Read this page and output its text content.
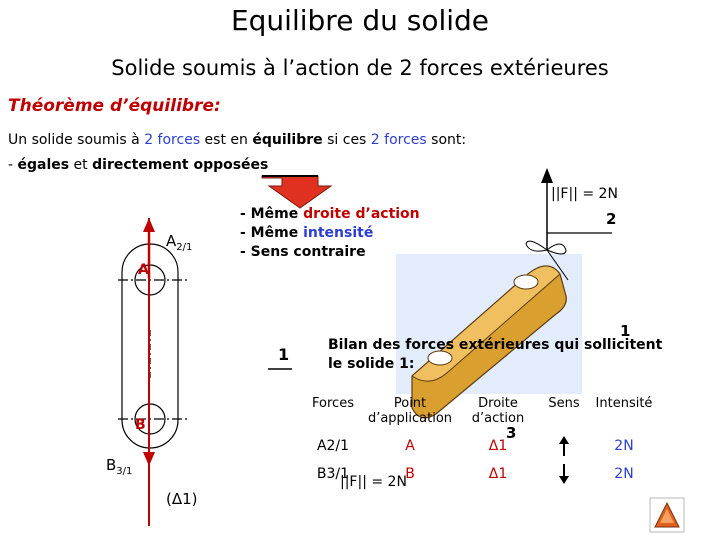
Equilibre du solide
Solide soumis à l’action de 2 forces extérieures
Théorème d’équilibre:
Un solide soumis à 2 forces est en équilibre si ces 2 forces sont:
- égales et directement opposées
$A_{2/1}$
A
1
B
$B_{3/1}$
(Δ1)
||F|| = 2N
2
1
- Même droite d’action
- Même intensité
- Sens contraire
Bilan des forces extérieures qui sollicitent le solide 1:
Forces	Point d’application	Droite d’action	Sens	Intensité
A2/1	A	Δ1		2N
B3/1	B	Δ1		2N
3
||F|| = 2N
